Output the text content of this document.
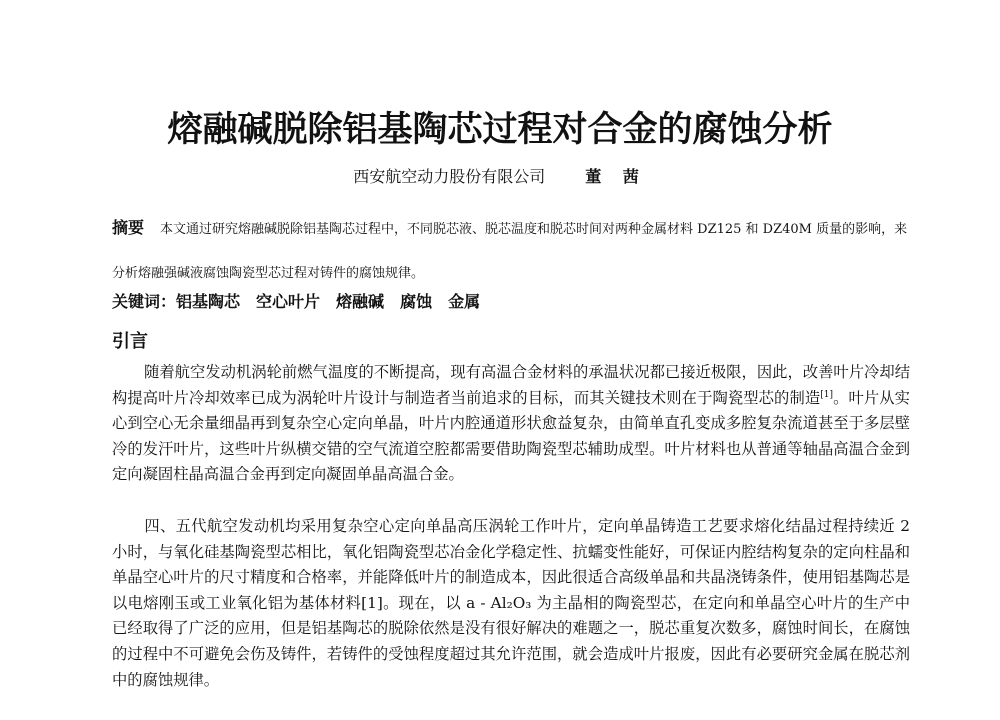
熔融碱脱除铝基陶芯过程对合金的腐蚀分析
西安航空动力股份有限公司	董 茜
摘要 本文通过研究熔融碱脱除铝基陶芯过程中，不同脱芯液、脱芯温度和脱芯时间对两种金属材料 DZ125 和 DZ40M 质量的影响，来分析熔融强碱液腐蚀陶瓷型芯过程对铸件的腐蚀规律。
关键词：铝基陶芯 空心叶片 熔融碱 腐蚀 金属
引言

随着航空发动机涡轮前燃气温度的不断提高，现有高温合金材料的承温状况都已接近极限，因此，改善叶片冷却结构提高叶片冷却效率已成为涡轮叶片设计与制造者当前追求的目标，而其关键技术则在于陶瓷型芯的制造[1]。叶片从实心到空心无余量细晶再到复杂空心定向单晶，叶片内腔通道形状愈益复杂，由简单直孔变成多腔复杂流道甚至于多层壁冷的发汗叶片，这些叶片纵横交错的空气流道空腔都需要借助陶瓷型芯辅助成型。叶片材料也从普通等轴晶高温合金到定向凝固柱晶高温合金再到定向凝固单晶高温合金。

四、五代航空发动机均采用复杂空心定向单晶高压涡轮工作叶片，定向单晶铸造工艺要求熔化结晶过程持续近 2 小时，与氧化硅基陶瓷型芯相比，氧化铝陶瓷型芯冶金化学稳定性、抗蠕变性能好，可保证内腔结构复杂的定向柱晶和单晶空心叶片的尺寸精度和合格率，并能降低叶片的制造成本，因此很适合高级单晶和共晶浇铸条件，使用铝基陶芯是以电熔刚玉或工业氧化铝为基体材料[1]。现在，以 a - Al₂O₃ 为主晶相的陶瓷型芯，在定向和单晶空心叶片的生产中已经取得了广泛的应用，但是铝基陶芯的脱除依然是没有很好解决的难题之一，脱芯重复次数多，腐蚀时间长，在腐蚀的过程中不可避免会伤及铸件，若铸件的受蚀程度超过其允许范围，就会造成叶片报废，因此有必要研究金属在脱芯剂中的腐蚀规律。
